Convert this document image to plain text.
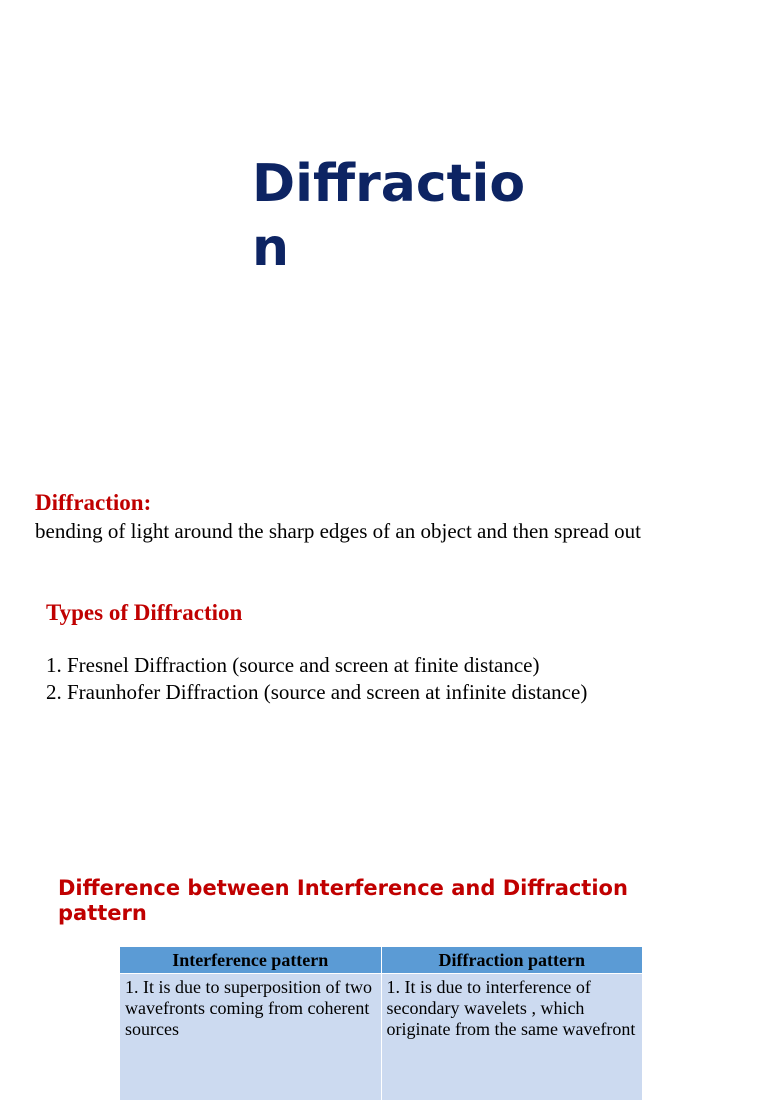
Diffraction
Diffraction:

bending of light around the sharp edges of an object and then spread out

Types of Diffraction
1. Fresnel Diffraction (source and screen at finite distance)
2. Fraunhofer Diffraction (source and screen at infinite distance)
Difference between Interference and Diffraction pattern
Interference pattern	Diffraction pattern
1. It is due to superposition of two wavefronts coming from coherent sources	1. It is due to interference of secondary wavelets , which originate from the same wavefront
